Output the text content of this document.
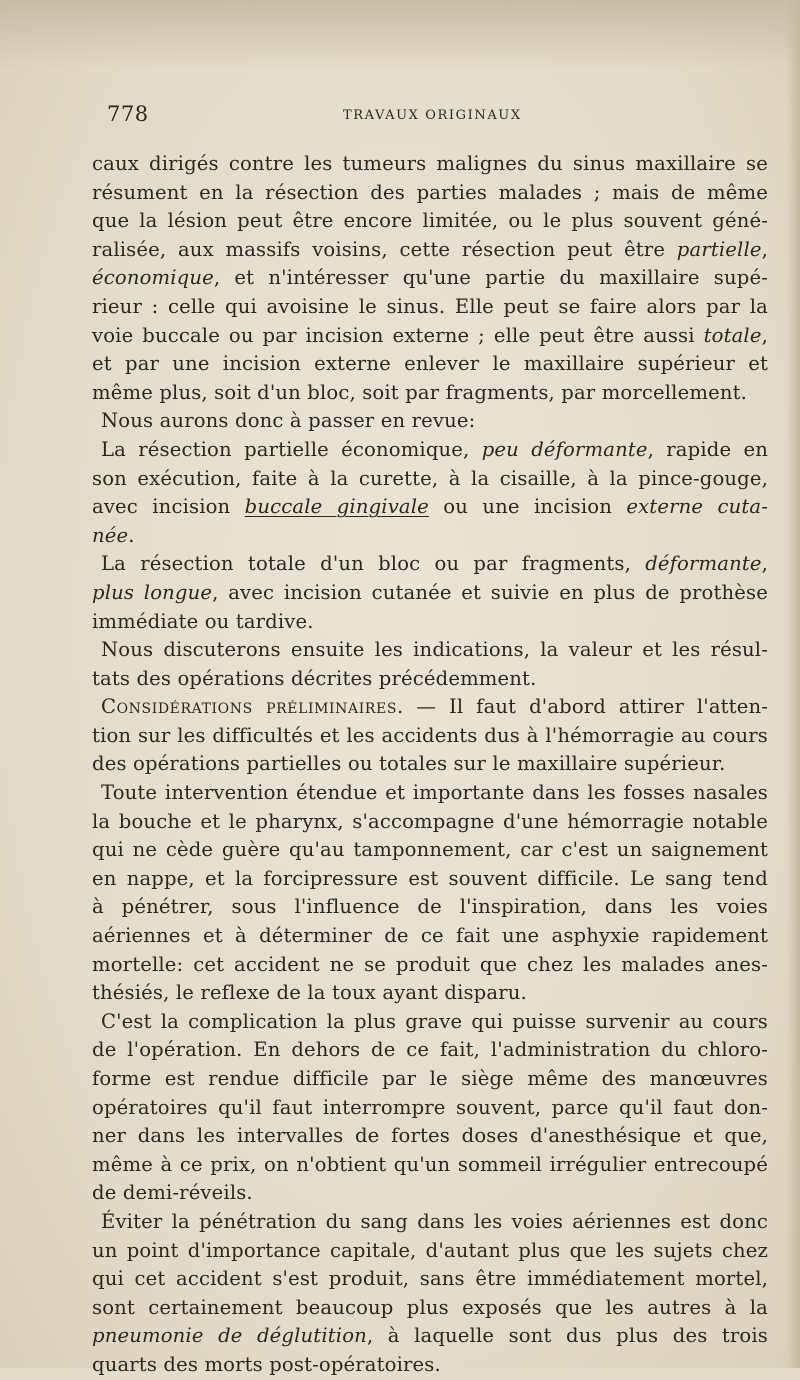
778	TRAVAUX ORIGINAUX
caux dirigés contre les tumeurs malignes du sinus maxillaire se
résument en la résection des parties malades ; mais de même
que la lésion peut être encore limitée, ou le plus souvent géné-
ralisée, aux massifs voisins, cette résection peut être partielle,
économique, et n'intéresser qu'une partie du maxillaire supé-
rieur : celle qui avoisine le sinus. Elle peut se faire alors par la
voie buccale ou par incision externe ; elle peut être aussi totale,
et par une incision externe enlever le maxillaire supérieur et
même plus, soit d'un bloc, soit par fragments, par morcellement.
Nous aurons donc à passer en revue:
La résection partielle économique, peu déformante, rapide en
son exécution, faite à la curette, à la cisaille, à la pince-gouge,
avec incision buccale gingivale ou une incision externe cuta-
née.
La résection totale d'un bloc ou par fragments, déformante,
plus longue, avec incision cutanée et suivie en plus de prothèse
immédiate ou tardive.
Nous discuterons ensuite les indications, la valeur et les résul-
tats des opérations décrites précédemment.
Considérations préliminaires. — Il faut d'abord attirer l'atten-
tion sur les difficultés et les accidents dus à l'hémorragie au cours
des opérations partielles ou totales sur le maxillaire supérieur.
Toute intervention étendue et importante dans les fosses nasales
la bouche et le pharynx, s'accompagne d'une hémorragie notable
qui ne cède guère qu'au tamponnement, car c'est un saignement
en nappe, et la forcipressure est souvent difficile. Le sang tend
à pénétrer, sous l'influence de l'inspiration, dans les voies
aériennes et à déterminer de ce fait une asphyxie rapidement
mortelle: cet accident ne se produit que chez les malades anes-
thésiés, le reflexe de la toux ayant disparu.
C'est la complication la plus grave qui puisse survenir au cours
de l'opération. En dehors de ce fait, l'administration du chloro-
forme est rendue difficile par le siège même des manœuvres
opératoires qu'il faut interrompre souvent, parce qu'il faut don-
ner dans les intervalles de fortes doses d'anesthésique et que,
même à ce prix, on n'obtient qu'un sommeil irrégulier entrecoupé
de demi-réveils.
Éviter la pénétration du sang dans les voies aériennes est donc
un point d'importance capitale, d'autant plus que les sujets chez
qui cet accident s'est produit, sans être immédiatement mortel,
sont certainement beaucoup plus exposés que les autres à la
pneumonie de déglutition, à laquelle sont dus plus des trois
quarts des morts post-opératoires.
